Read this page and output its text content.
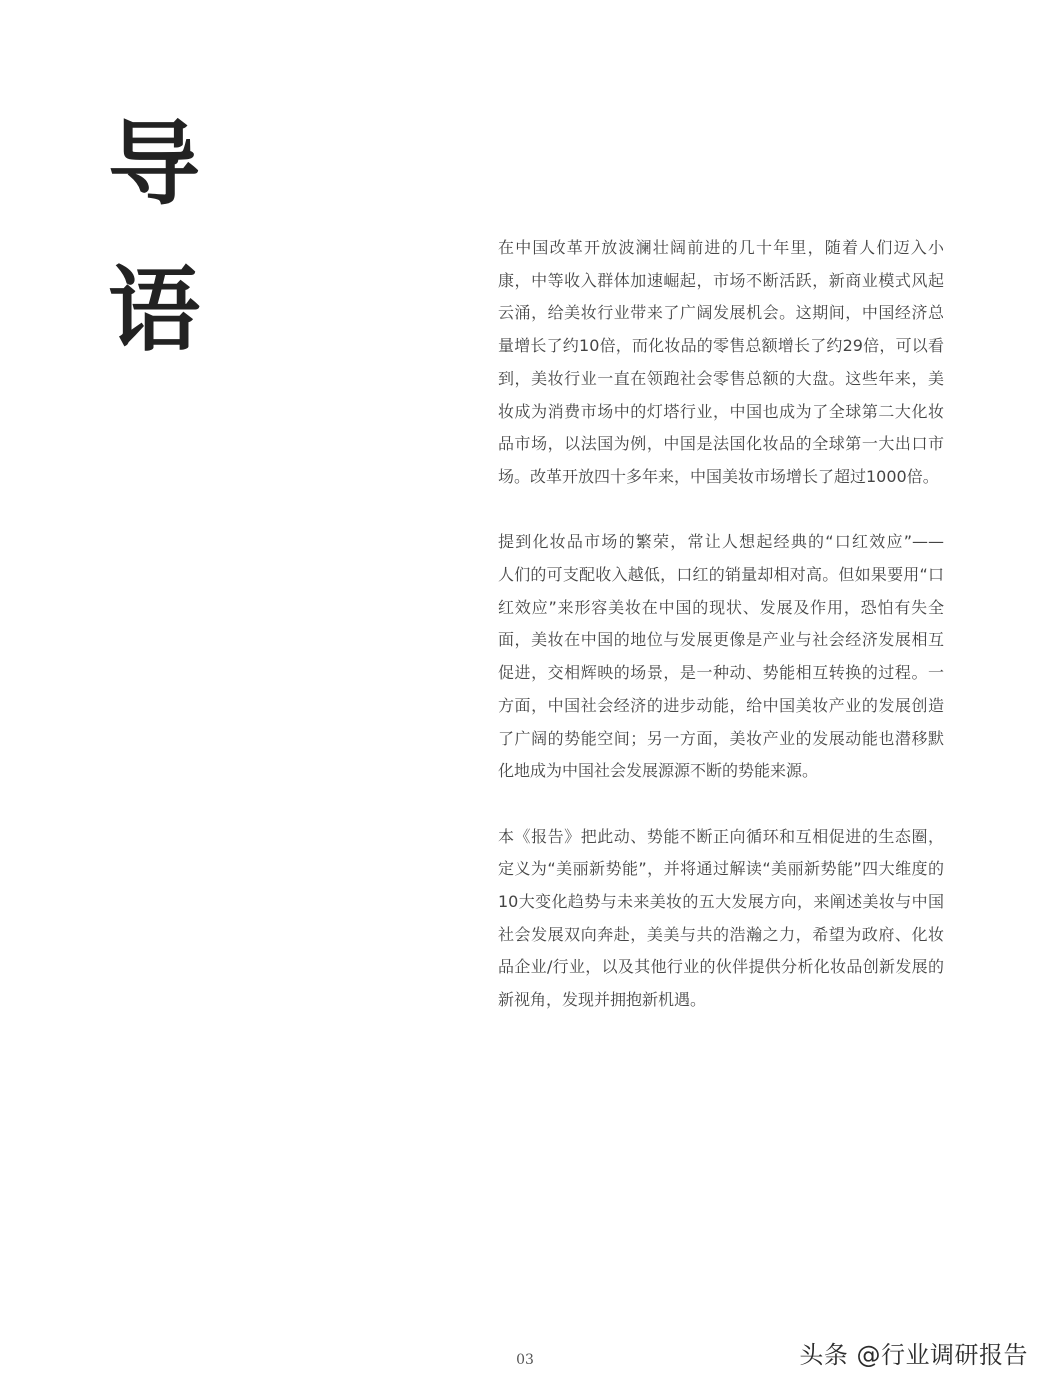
导
语

在中国改革开放波澜壮阔前进的几十年里，随着人们迈入小康，中等收入群体加速崛起，市场不断活跃，新商业模式风起云涌，给美妆行业带来了广阔发展机会。这期间，中国经济总量增长了约10倍，而化妆品的零售总额增长了约29倍，可以看到，美妆行业一直在领跑社会零售总额的大盘。这些年来，美妆成为消费市场中的灯塔行业，中国也成为了全球第二大化妆品市场，以法国为例，中国是法国化妆品的全球第一大出口市场。改革开放四十多年来，中国美妆市场增长了超过1000倍。

提到化妆品市场的繁荣，常让人想起经典的“口红效应”——　人们的可支配收入越低，口红的销量却相对高。但如果要用“口红效应”来形容美妆在中国的现状、发展及作用，恐怕有失全面，美妆在中国的地位与发展更像是产业与社会经济发展相互促进，交相辉映的场景，是一种动、势能相互转换的过程。一方面，中国社会经济的进步动能，给中国美妆产业的发展创造了广阔的势能空间；另一方面，美妆产业的发展动能也潜移默化地成为中国社会发展源源不断的势能来源。

本《报告》把此动、势能不断正向循环和互相促进的生态圈，定义为“美丽新势能”，并将通过解读“美丽新势能”四大维度的10大变化趋势与未来美妆的五大发展方向，来阐述美妆与中国社会发展双向奔赴，美美与共的浩瀚之力，希望为政府、化妆品企业/行业，以及其他行业的伙伴提供分析化妆品创新发展的新视角，发现并拥抱新机遇。

03	头条 @行业调研报告
